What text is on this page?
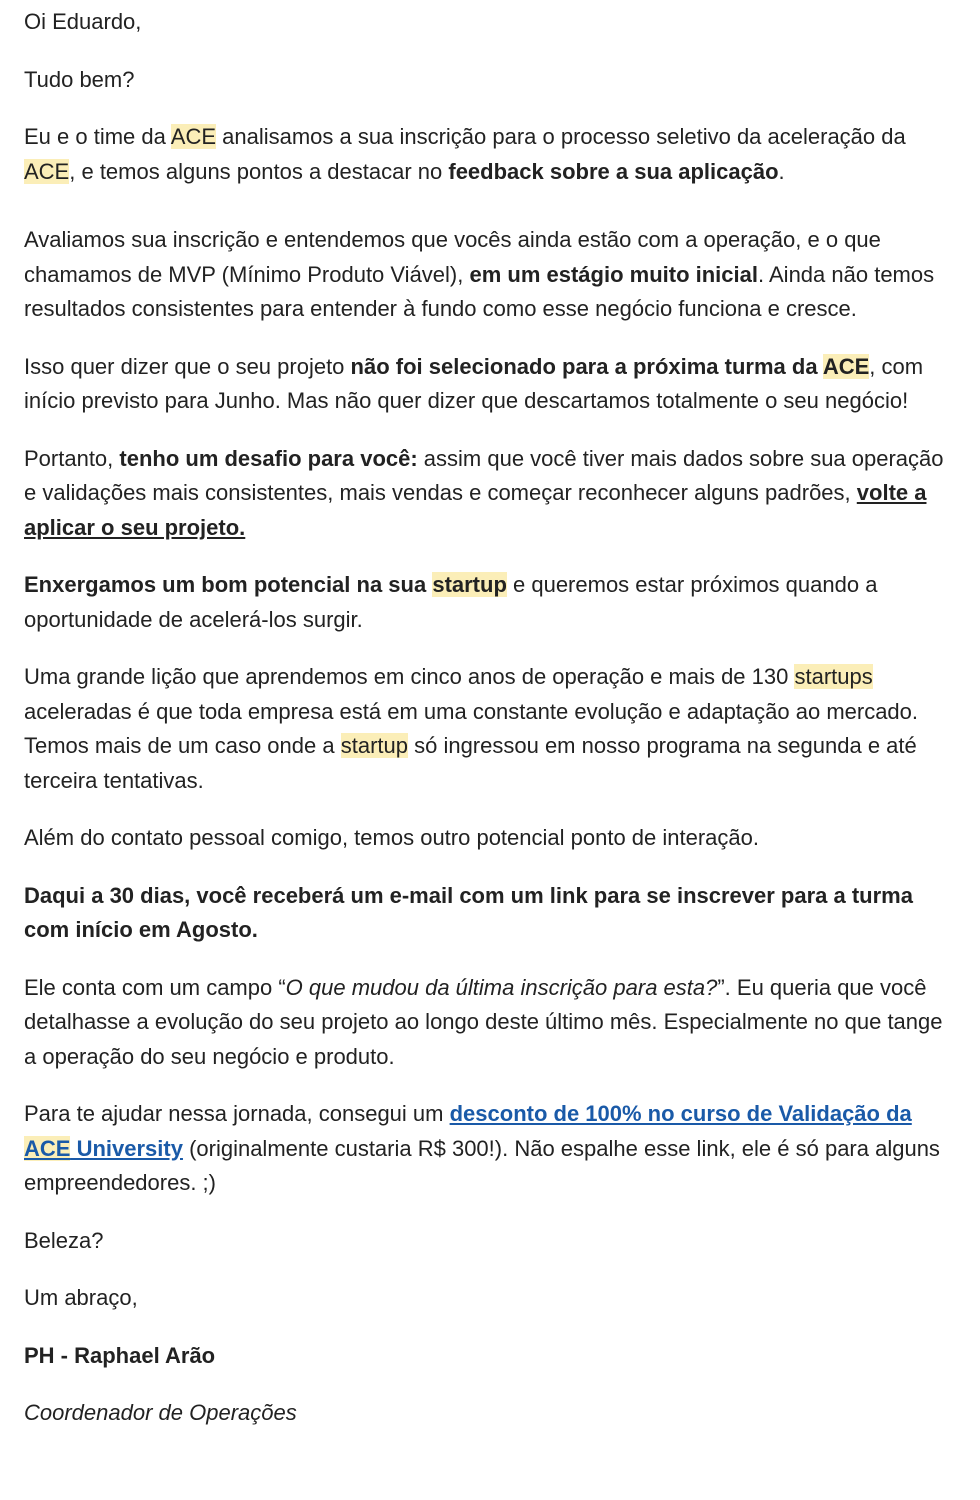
Oi Eduardo,

Tudo bem?

Eu e o time da ACE analisamos a sua inscrição para o processo seletivo da aceleração da ACE, e temos alguns pontos a destacar no feedback sobre a sua aplicação.

Avaliamos sua inscrição e entendemos que vocês ainda estão com a operação, e o que chamamos de MVP (Mínimo Produto Viável), em um estágio muito inicial. Ainda não temos resultados consistentes para entender à fundo como esse negócio funciona e cresce.

Isso quer dizer que o seu projeto não foi selecionado para a próxima turma da ACE, com início previsto para Junho. Mas não quer dizer que descartamos totalmente o seu negócio!

Portanto, tenho um desafio para você: assim que você tiver mais dados sobre sua operação e validações mais consistentes, mais vendas e começar reconhecer alguns padrões, volte a aplicar o seu projeto.

Enxergamos um bom potencial na sua startup e queremos estar próximos quando a oportunidade de acelerá-los surgir.

Uma grande lição que aprendemos em cinco anos de operação e mais de 130 startups aceleradas é que toda empresa está em uma constante evolução e adaptação ao mercado. Temos mais de um caso onde a startup só ingressou em nosso programa na segunda e até terceira tentativas.

Além do contato pessoal comigo, temos outro potencial ponto de interação.

Daqui a 30 dias, você receberá um e-mail com um link para se inscrever para a turma com início em Agosto.

Ele conta com um campo “O que mudou da última inscrição para esta?”. Eu queria que você detalhasse a evolução do seu projeto ao longo deste último mês. Especialmente no que tange a operação do seu negócio e produto.

Para te ajudar nessa jornada, consegui um desconto de 100% no curso de Validação da ACE University (originalmente custaria R$ 300!). Não espalhe esse link, ele é só para alguns empreendedores. ;)

Beleza?

Um abraço,

PH - Raphael Arão

Coordenador de Operações
